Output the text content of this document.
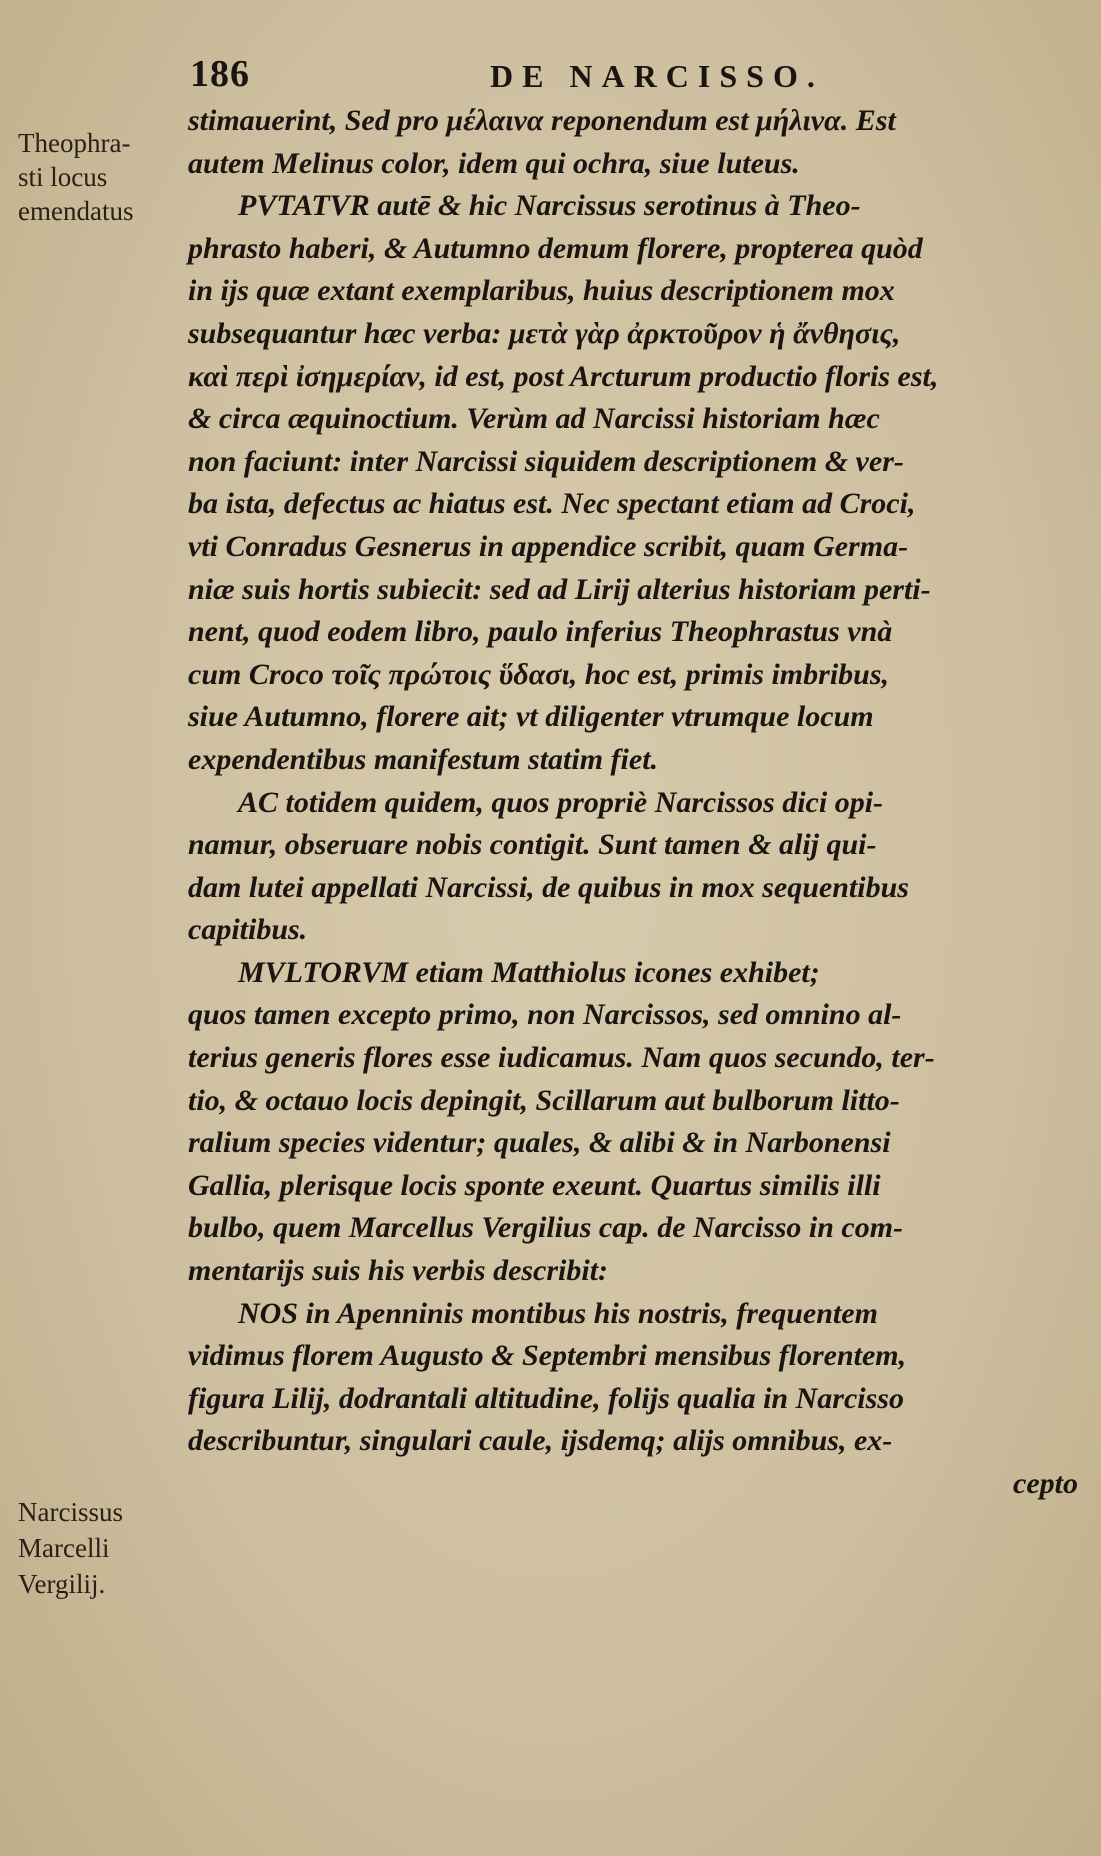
186	DE NARCISSO.
Theophra-
sti locus
emendatus
Narcissus
Marcelli
Vergilij.
stimauerint, Sed pro μέλαινα reponendum est μήλινα. Est
autem Melinus color, idem qui ochra, siue luteus.
PVTATVR autē & hic Narcissus serotinus à Theo-
phrasto haberi, & Autumno demum florere, propterea quòd
in ijs quæ extant exemplaribus, huius descriptionem mox
subsequantur hæc verba: μετὰ γὰρ ἀρκτοῦρον ἡ ἄνθησις,
καὶ περὶ ἰσημερίαν, id est, post Arcturum productio floris est,
& circa æquinoctium. Verùm ad Narcissi historiam hæc
non faciunt: inter Narcissi siquidem descriptionem & ver-
ba ista, defectus ac hiatus est. Nec spectant etiam ad Croci,
vti Conradus Gesnerus in appendice scribit, quam Germa-
niæ suis hortis subiecit: sed ad Lirij alterius historiam perti-
nent, quod eodem libro, paulo inferius Theophrastus vnà
cum Croco τοῖς πρώτοις ὕδασι, hoc est, primis imbribus,
siue Autumno, florere ait; vt diligenter vtrumque locum
expendentibus manifestum statim fiet.
AC totidem quidem, quos propriè Narcissos dici opi-
namur, obseruare nobis contigit. Sunt tamen & alij qui-
dam lutei appellati Narcissi, de quibus in mox sequentibus
capitibus.
MVLTORVM etiam Matthiolus icones exhibet;
quos tamen excepto primo, non Narcissos, sed omnino al-
terius generis flores esse iudicamus. Nam quos secundo, ter-
tio, & octauo locis depingit, Scillarum aut bulborum litto-
ralium species videntur; quales, & alibi & in Narbonensi
Gallia, plerisque locis sponte exeunt. Quartus similis illi
bulbo, quem Marcellus Vergilius cap. de Narcisso in com-
mentarijs suis his verbis describit:
NOS in Apenninis montibus his nostris, frequentem
vidimus florem Augusto & Septembri mensibus florentem,
figura Lilij, dodrantali altitudine, folijs qualia in Narcisso
describuntur, singulari caule, ijsdemq; alijs omnibus, ex-
cepto
